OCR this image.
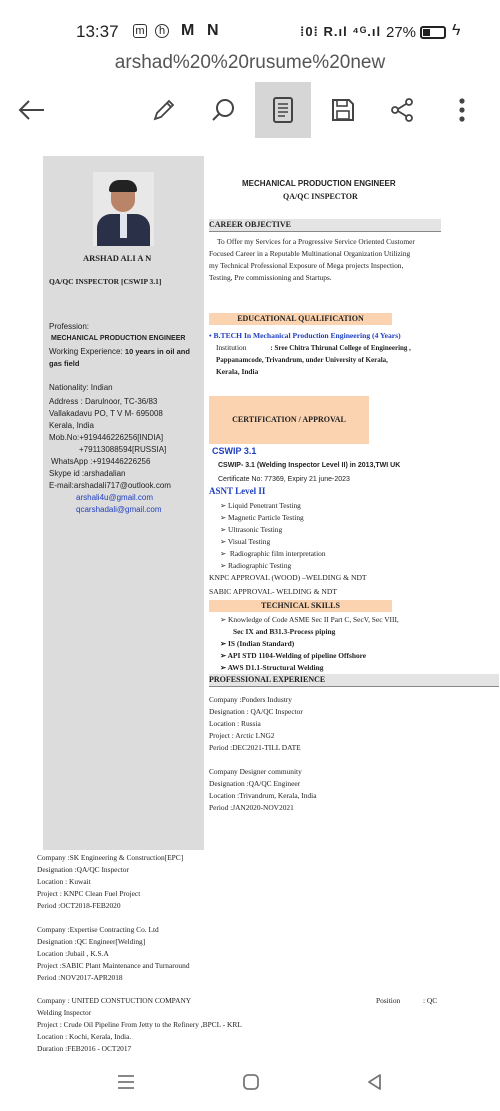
13:37 m	h M N	⁞0⁞ R.ıl ⁴ᴳ.ıl 27% ϟ
arshad%20%20rusume%20new
ARSHAD ALI A N
QA/QC INSPECTOR [CSWIP 3.1]
Profession:
MECHANICAL PRODUCTION ENGINEER
Working Experience: 10 years in oil and gas field
Nationality: Indian
Address : Darulnoor, TC-36/83
Vallakadavu PO, T V M- 695008
Kerala, India
Mob.No:+919446226256[INDIA]
+79113088594[RUSSIA]
WhatsApp :+919446226256
Skype id :arshadalian
E-mail:arshadali717@outlook.com
arshali4u@gmail.com
qcarshadali@gmail.com
MECHANICAL PRODUCTION ENGINEER
QA/QC INSPECTOR
CAREER OBJECTIVE
To Offer my Services for a Progressive Service Oriented Customer
Focused Career in a Reputable Multinational Organization Utilizing
my Technical Professional Exposure of Mega projects Inspection,
Testing, Pre commissioning and Startups.
EDUCATIONAL QUALIFICATION
• B.TECH In Mechanical Production Engineering (4 Years)
Institution	: Sree Chitra Thirunal College of Engineering ,
Pappanamcode, Trivandrum, under University of Kerala,
Kerala, India
CERTIFICATION / APPROVAL
CSWIP 3.1
CSWIP- 3.1 (Welding Inspector Level II) in 2013,TWI UK
Certificate No: 77369, Expiry 21 june-2023
ASNT Level II
➢ Liquid Penetrant Testing
➢ Magnetic Particle Testing
➢ Ultrasonic Testing
➢ Visual Testing
➢  Radiographic film interpretation
➢ Radiographic Testing
KNPC APPROVAL (WOOD) –WELDING & NDT
SABIC APPROVAL- WELDING & NDT
TECHNICAL SKILLS
➢ Knowledge of Code ASME Sec II Part C, SecV, Sec VIII,
Sec IX and B31.3-Process piping
➢ IS (Indian Standard)
➢ API STD 1104-Welding of pipeline Offshore
➢ AWS D1.1-Structural Welding
PROFESSIONAL EXPERIENCE
Company :Ponders Industry
Designation : QA/QC Inspector
Location : Russia
Project : Arctic LNG2
Period :DEC2021-TILL DATE
Company Designer community
Designation :QA/QC Engineer
Location :Trivandrum, Kerala, India
Period :JAN2020-NOV2021
Company :SK Engineering & Construction[EPC]
Designation :QA/QC Inspector
Location : Kuwait
Project : KNPC Clean Fuel Project
Period :OCT2018-FEB2020
Company :Expertise Contracting Co. Ltd
Designation :QC Engineer[Welding]
Location :Jubail , K.S.A
Project :SABIC Plant Maintenance and Turnaround
Period :NOV2017-APR2018
Company : UNITED CONSTUCTION COMPANY	Position	: QC
Welding Inspector
Project : Crude Oil Pipeline From Jetty to the Refinery ,BPCL - KRL
Location : Kochi, Kerala, India.
Duration :FEB2016 - OCT2017
